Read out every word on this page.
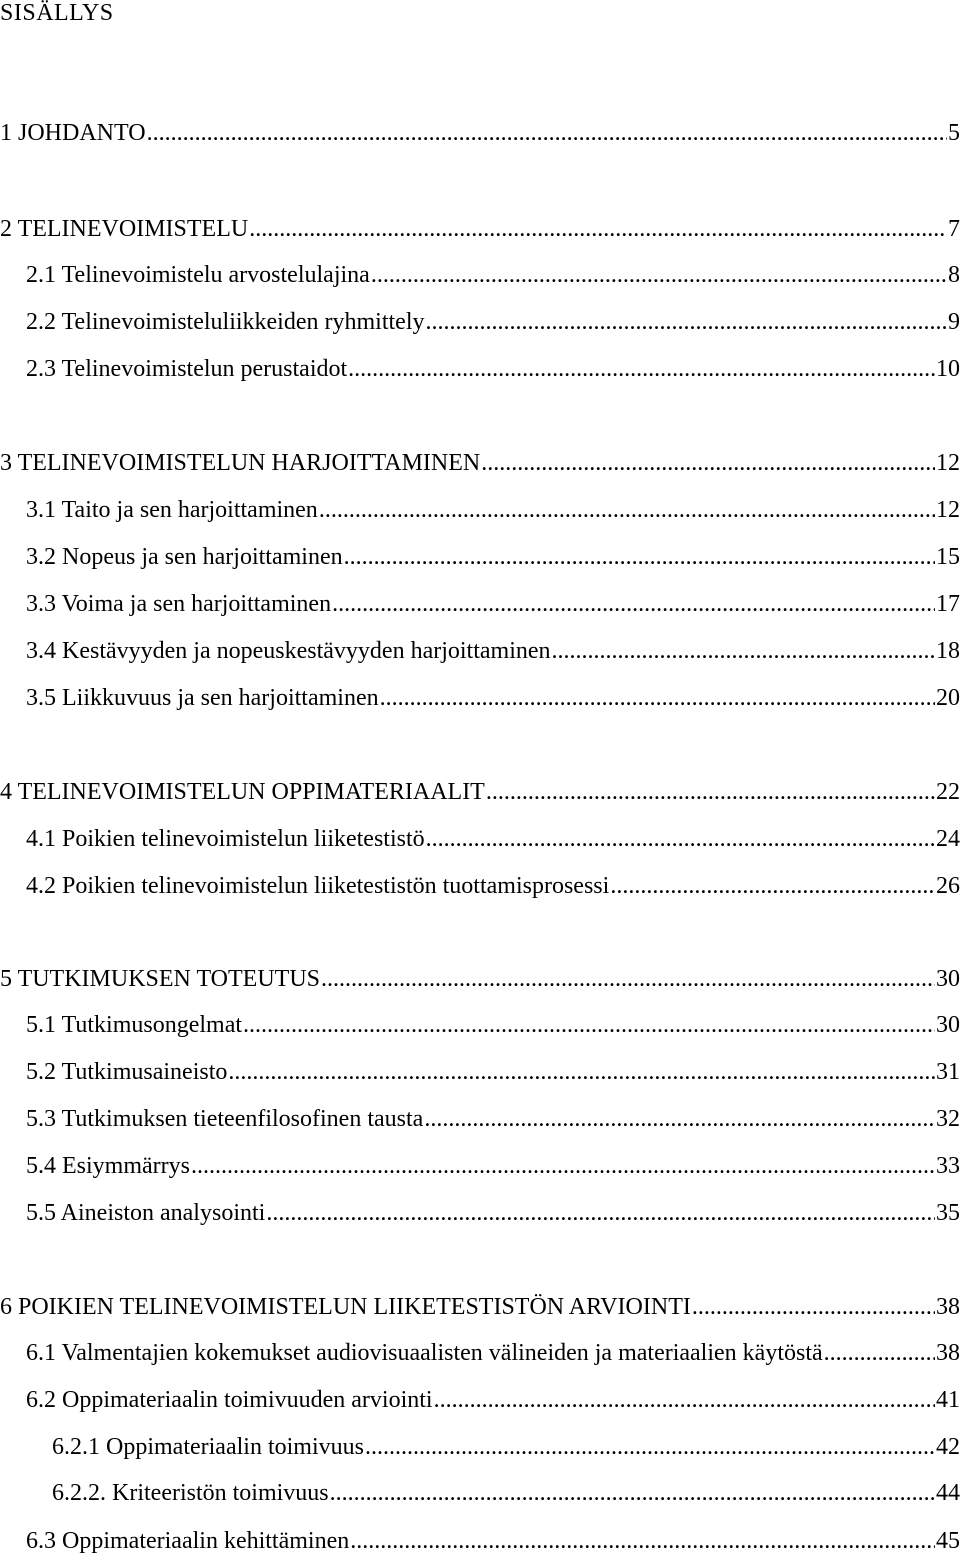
SISÄLLYS
1 JOHDANTO .....	5
2 TELINEVOIMISTELU .....	7
2.1 Telinevoimistelu arvostelulajina .....	8
2.2 Telinevoimisteluliikkeiden ryhmittely .....	9
2.3 Telinevoimistelun perustaidot .....	10
3 TELINEVOIMISTELUN HARJOITTAMINEN .....	12
3.1 Taito ja sen harjoittaminen .....	12
3.2 Nopeus ja sen harjoittaminen .....	15
3.3 Voima ja sen harjoittaminen .....	17
3.4 Kestävyyden ja nopeuskestävyyden harjoittaminen .....	18
3.5 Liikkuvuus ja sen harjoittaminen .....	20
4 TELINEVOIMISTELUN OPPIMATERIAALIT .....	22
4.1 Poikien telinevoimistelun liiketestistö .....	24
4.2 Poikien telinevoimistelun liiketestistön tuottamisprosessi .....	26
5 TUTKIMUKSEN TOTEUTUS .....	30
5.1 Tutkimusongelmat .....	30
5.2 Tutkimusaineisto .....	31
5.3 Tutkimuksen tieteenfilosofinen tausta .....	32
5.4 Esiymmärrys .....	33
5.5 Aineiston analysointi .....	35
6 POIKIEN TELINEVOIMISTELUN LIIKETESTISTÖN ARVIOINTI .....	38
6.1 Valmentajien kokemukset audiovisuaalisten välineiden ja materiaalien käytöstä .....	38
6.2 Oppimateriaalin toimivuuden arviointi .....	41
6.2.1 Oppimateriaalin toimivuus .....	42
6.2.2. Kriteeristön toimivuus .....	44
6.3 Oppimateriaalin kehittäminen .....	45
